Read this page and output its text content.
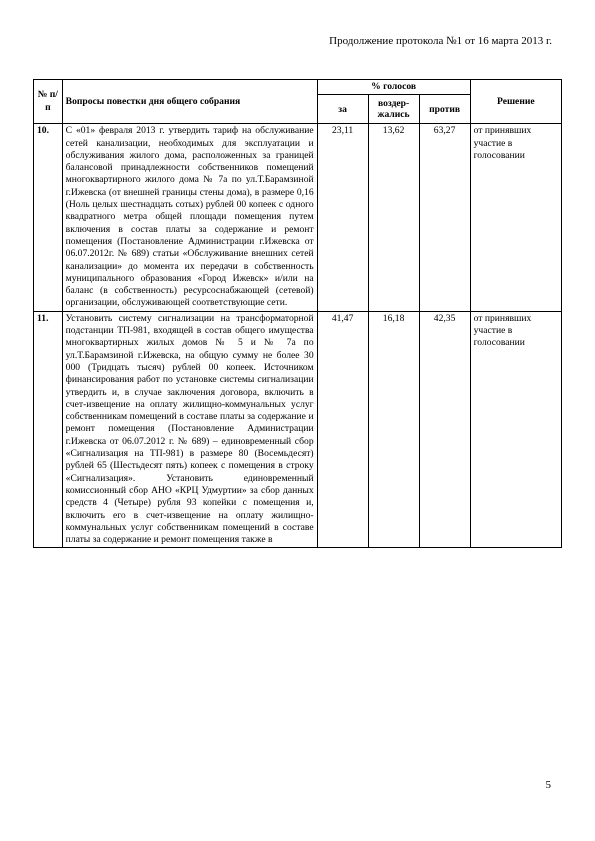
Продолжение протокола №1 от 16 марта 2013 г.
№ п/п	Вопросы повестки дня общего собрания	% голосов			Решение
		за	воздер-жались	против	
10.	С «01» февраля 2013 г. утвердить тариф на обслуживание сетей канализации, необходимых для эксплуатации и обслуживания жилого дома, расположенных за границей балансовой принадлежности собственников помещений многоквартирного жилого дома № 7а по ул.Т.Барамзиной г.Ижевска (от внешней границы стены дома), в размере 0,16 (Ноль целых шестнадцать сотых) рублей 00 копеек с одного квадратного метра общей площади помещения путем включения в состав платы за содержание и ремонт помещения (Постановление Администрации г.Ижевска от 06.07.2012г. № 689) статьи «Обслуживание внешних сетей канализации» до момента их передачи в собственность муниципального образования «Город Ижевск» и/или на баланс (в собственность) ресурсоснабжающей (сетевой) организации, обслуживающей соответствующие сети.	23,11	13,62	63,27	от принявших участие в голосовании
11.	Установить систему сигнализации на трансформаторной подстанции ТП-981, входящей в состав общего имущества многоквартирных жилых домов № 5 и № 7а по ул.Т.Барамзиной г.Ижевска, на общую сумму не более 30 000 (Тридцать тысяч) рублей 00 копеек. Источником финансирования работ по установке системы сигнализации утвердить и, в случае заключения договора, включить в счет-извещение на оплату жилищно-коммунальных услуг собственникам помещений в составе платы за содержание и ремонт помещения (Постановление Администрации г.Ижевска от 06.07.2012 г. № 689) – единовременный сбор «Сигнализация на ТП-981) в размере 80 (Восемьдесят) рублей 65 (Шестьдесят пять) копеек с помещения в строку «Сигнализация». Установить единовременный комиссионный сбор АНО «КРЦ Удмуртии» за сбор данных средств 4 (Четыре) рубля 93 копейки с помещения и, включить его в счет-извещение на оплату жилищно-коммунальных услуг собственникам помещений в составе платы за содержание и ремонт помещения также в	41,47	16,18	42,35	от принявших участие в голосовании
5
